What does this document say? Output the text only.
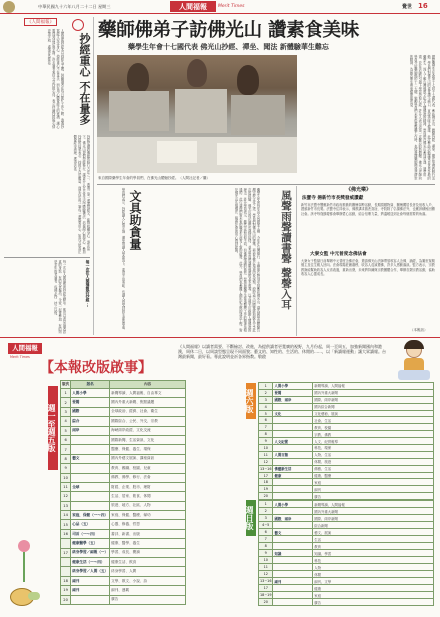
中華民國九十六年八月二十二日 星期三	人間福報	Merit Times	覺世 16
《人間福報》
人間福報抄經本以抄經為主題，鼓勵讀者在每日繁忙工作之餘，透過抄寫經文安定身心。抄經重心不在量多，而在用心體會經文的意涵，讓心靈得到清淨與平靜。許多讀者來信分享抄經心得，表示持續抄經後心情更加平和，處事更為從容。	抄經重心 不在量多
抄經是佛教傳統的修行方法之一，透過一筆一畫書寫經文，能夠收攝身心、專注當下。佛光山提倡抄經修行，讓更多人在日常生活中體驗佛法，培養耐心與恆心。參加抄經的信眾表示，抄經不在於數量，而是在於每一筆每一畫都要用心，如此才能真正體會經中義理，獲得法喜。
每一次在人間福報的抄經活動中，都可以看見讀者認真的身影，有的扶老攜幼，全家一起來參加，有的則是多年的老讀者，每期必抄，持之以恆。	每一次在人間福報的抄經 ...
藥師佛弟子訪佛光山 讚素食美味
藥學生年會十七國代表 佛光山抄經、禪坐、聞法 新體驗華生難忘
來自國際藥學生年會的學員們，在佛光山體驗抄經。（人間社記者／攝）	國際藥學生年會第十七屆十七國代表，參訪佛光山，體驗抄經、禪坐、聞法等佛教修行活動。學員們對佛光山的素食讚不絕口，直說美味又健康。此次參訪活動讓來自世界各地的藥學生，深入了解台灣佛教文化及人間佛教的精神。學員們在佛光山參加早課、過堂用齋，並在法師的引導下學習抄寫心經，許多人表示這是一次難忘的新體驗。佛光山法師向學員介紹藥師佛的十二大願，勉勵學員們未來從事醫藥工作時，也能發揮藥師佛慈悲濟世的精神，為病苦眾生帶來健康與希望。
學員們表示，抄經讓人心情平靜，禪坐則讓人學會放下。素食不但美味，也讓人感受到對生命的尊重。 文具助貪量	藥學生年會每年由不同國家主辦，今年在台灣舉行，主辦單位特別安排參訪佛光山，讓各國學員體驗台灣宗教文化之美。學員們對佛光山的建築、藝術及修行環境印象深刻，紛紛表示回國後將與親友分享此次的經驗。佛光山的法師們也熱情接待，並為學員們講解佛教的基本教義，以及佛光山推動人間佛教的理念。許多學員表示，雖然宗教信仰不同，但佛教強調的慈悲、智慧與藥學生從事醫療工作的精神是相通的，此行讓他們對未來的職業生涯有了新的啟發。此外，學員們也參觀了佛陀紀念館的建設工程，對於佛光山弘揚佛法、服務社會的用心感到欽佩。	風聲雨聲讀書聲 聲聲入耳	《佛光樂》
法寶寺 揚新竹市長獎發威讚獻
新竹市法寶寺響應新竹市政府推動的關懷弱勢活動，長期捐贈物資、關懷獨居長者及低收入戶，獲頒新竹市長獎。法寶寺住持表示，佛教講求慈悲喜捨，寺院除了弘揚佛法外，也應該積極回饋社會。該寺每逢節慶都會舉辦愛心活動，結合信眾力量，將溫暖送到社會每個需要的角落。
大寮女監 中元普度念佛法會
大寮女子監獄日前舉辦中元普度念佛法會，邀請佛光山法師帶領收容人念佛、誦經，為累世冤親債主及往生親人回向。法會現場莊嚴肅穆，收容人虔誠禮佛，許多人感動落淚。監方表示，宗教教誨能幫助收容人反省改過，重新出發，未來將持續與宗教團體合作，舉辦各類宗教活動，協助收容人心靈成長。
（本報訊）
人間福報
Merit Times
【本報改版啟事】
《人間福報》以讀者需要、不斷檢討、改進，為提供讀者更寬廣的視野，九月份起，周一至周五，加強新聞國內和港澳，周休二日，以周談型態呈現不同面貌；藝文的、知性的、生活的、休閒的……，以「新讀報運動」讓大眾讀報。台灣最新聞，最好看。專此說明並祈各界指教。敬啟
週一至週五版
版次	版名	內容
1	人間小學	新聞導讀、人間福報、自由專文
2	要聞	國內外重大新聞、焦點議題
3	國際	全球政治、經濟、社會、衛生
4	綜合	國際綜合、公民、外交、宗教
5	兩岸	海峽兩岸政經、文化交流
6		國際新聞、生活資訊、文化
7		醫療、保健、養生、環保
8	藝文	國內外藝文展演、講座資訊
9		教育、親職、校園、兒童
10		佛教、佛學、修行、法會
11	全球	財經、企業、股市、理財
12		生活、居家、飲食、休閒
13		旅遊、地方、社區、人物
14	家庭．保健（一～四）	家庭、保健、醫療、婦幼
15	心品（五）	心靈、修養、哲思
16	司首（一～四）	書評、新書、出版
	健康醫學（五）	健康、醫學、養生
17	終身學習／副報（一）	學習、成長、閱讀
	健康生活（一～四）	健康生活、飲食
	終身學習／人間（五）	終身學習、人間
18	副刊	文學、散文、小說、詩
19	副刊	副刊、連載
20		廣告
週六版
1	人間小學	新聞導讀、人間福報
2	要聞	國內外重大新聞
3	國際．兩岸	國際、兩岸新聞
4		國內綜合新聞
5	文化	文化藝術、展演
6		社會、生活
7		教育、校園
8		宗教、佛教
9	人文紀實	人文、紀實報導
10		科技、環保
11	人間百態	人物、生活
12		休閒、旅遊
13~16	佛藝新生活	佛藝、生活
17	健康	健康、醫療
18		家庭
19		副刊
20		廣告
週日版
1	人間小學	新聞導讀、人間福報
2		國內外重大新聞
3	國際．兩岸	國際、兩岸新聞
4~5		綜合新聞
6	藝文	藝文、展演
7		生活
8		教育
9	知識	知識、學習
10		科技
11		人物
12		休閒
13~16	副刊	副刊、文學
17		健康
18~19		家庭
20		廣告
